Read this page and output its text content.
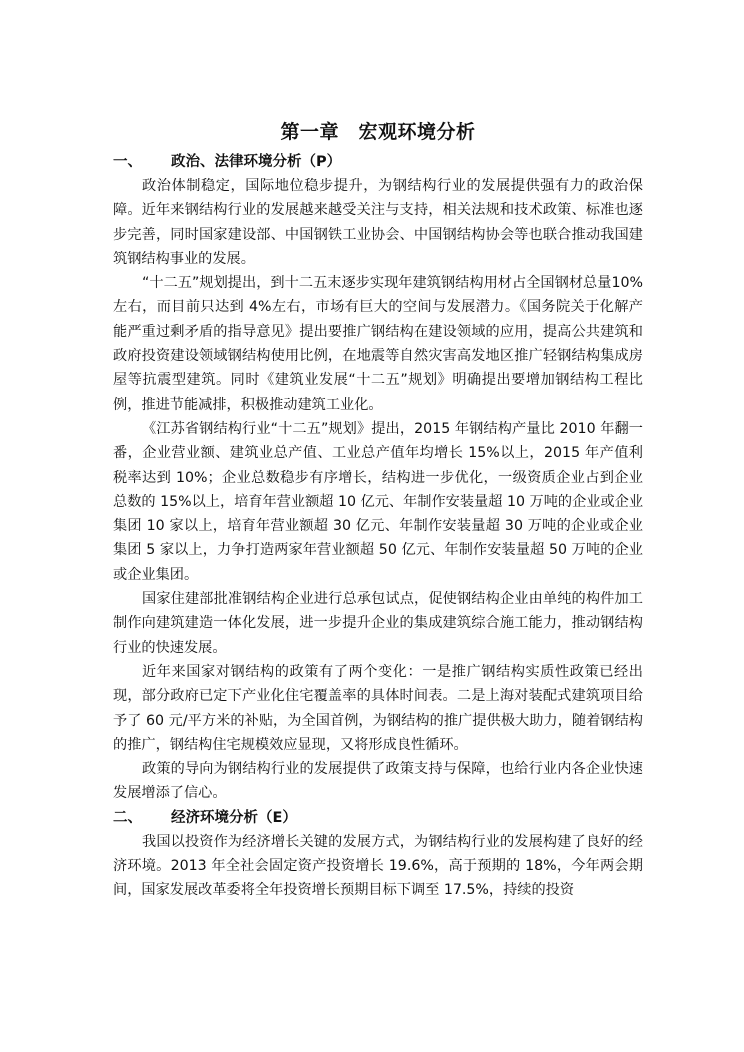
第一章　宏观环境分析
一、 政治、法律环境分析（P）

政治体制稳定，国际地位稳步提升，为钢结构行业的发展提供强有力的政治保障。近年来钢结构行业的发展越来越受关注与支持，相关法规和技术政策、标准也逐步完善，同时国家建设部、中国钢铁工业协会、中国钢结构协会等也联合推动我国建筑钢结构事业的发展。

“十二五”规划提出，到十二五末逐步实现年建筑钢结构用材占全国钢材总量10%左右，而目前只达到 4%左右，市场有巨大的空间与发展潜力。《国务院关于化解产能严重过剩矛盾的指导意见》提出要推广钢结构在建设领域的应用，提高公共建筑和政府投资建设领域钢结构使用比例，在地震等自然灾害高发地区推广轻钢结构集成房屋等抗震型建筑。同时《建筑业发展“十二五”规划》明确提出要增加钢结构工程比例，推进节能减排，积极推动建筑工业化。

《江苏省钢结构行业“十二五”规划》提出，2015 年钢结构产量比 2010 年翻一番，企业营业额、建筑业总产值、工业总产值年均增长 15%以上，2015 年产值利税率达到 10%；企业总数稳步有序增长，结构进一步优化，一级资质企业占到企业总数的 15%以上，培育年营业额超 10 亿元、年制作安装量超 10 万吨的企业或企业集团 10 家以上，培育年营业额超 30 亿元、年制作安装量超 30 万吨的企业或企业集团 5 家以上，力争打造两家年营业额超 50 亿元、年制作安装量超 50 万吨的企业或企业集团。

国家住建部批准钢结构企业进行总承包试点，促使钢结构企业由单纯的构件加工制作向建筑建造一体化发展，进一步提升企业的集成建筑综合施工能力，推动钢结构行业的快速发展。

近年来国家对钢结构的政策有了两个变化：一是推广钢结构实质性政策已经出现，部分政府已定下产业化住宅覆盖率的具体时间表。二是上海对装配式建筑项目给予了 60 元/平方米的补贴，为全国首例，为钢结构的推广提供极大助力，随着钢结构的推广，钢结构住宅规模效应显现，又将形成良性循环。

政策的导向为钢结构行业的发展提供了政策支持与保障，也给行业内各企业快速发展增添了信心。

二、 经济环境分析（E）

我国以投资作为经济增长关键的发展方式，为钢结构行业的发展构建了良好的经济环境。2013 年全社会固定资产投资增长 19.6%，高于预期的 18%，今年两会期间，国家发展改革委将全年投资增长预期目标下调至 17.5%，持续的投资
